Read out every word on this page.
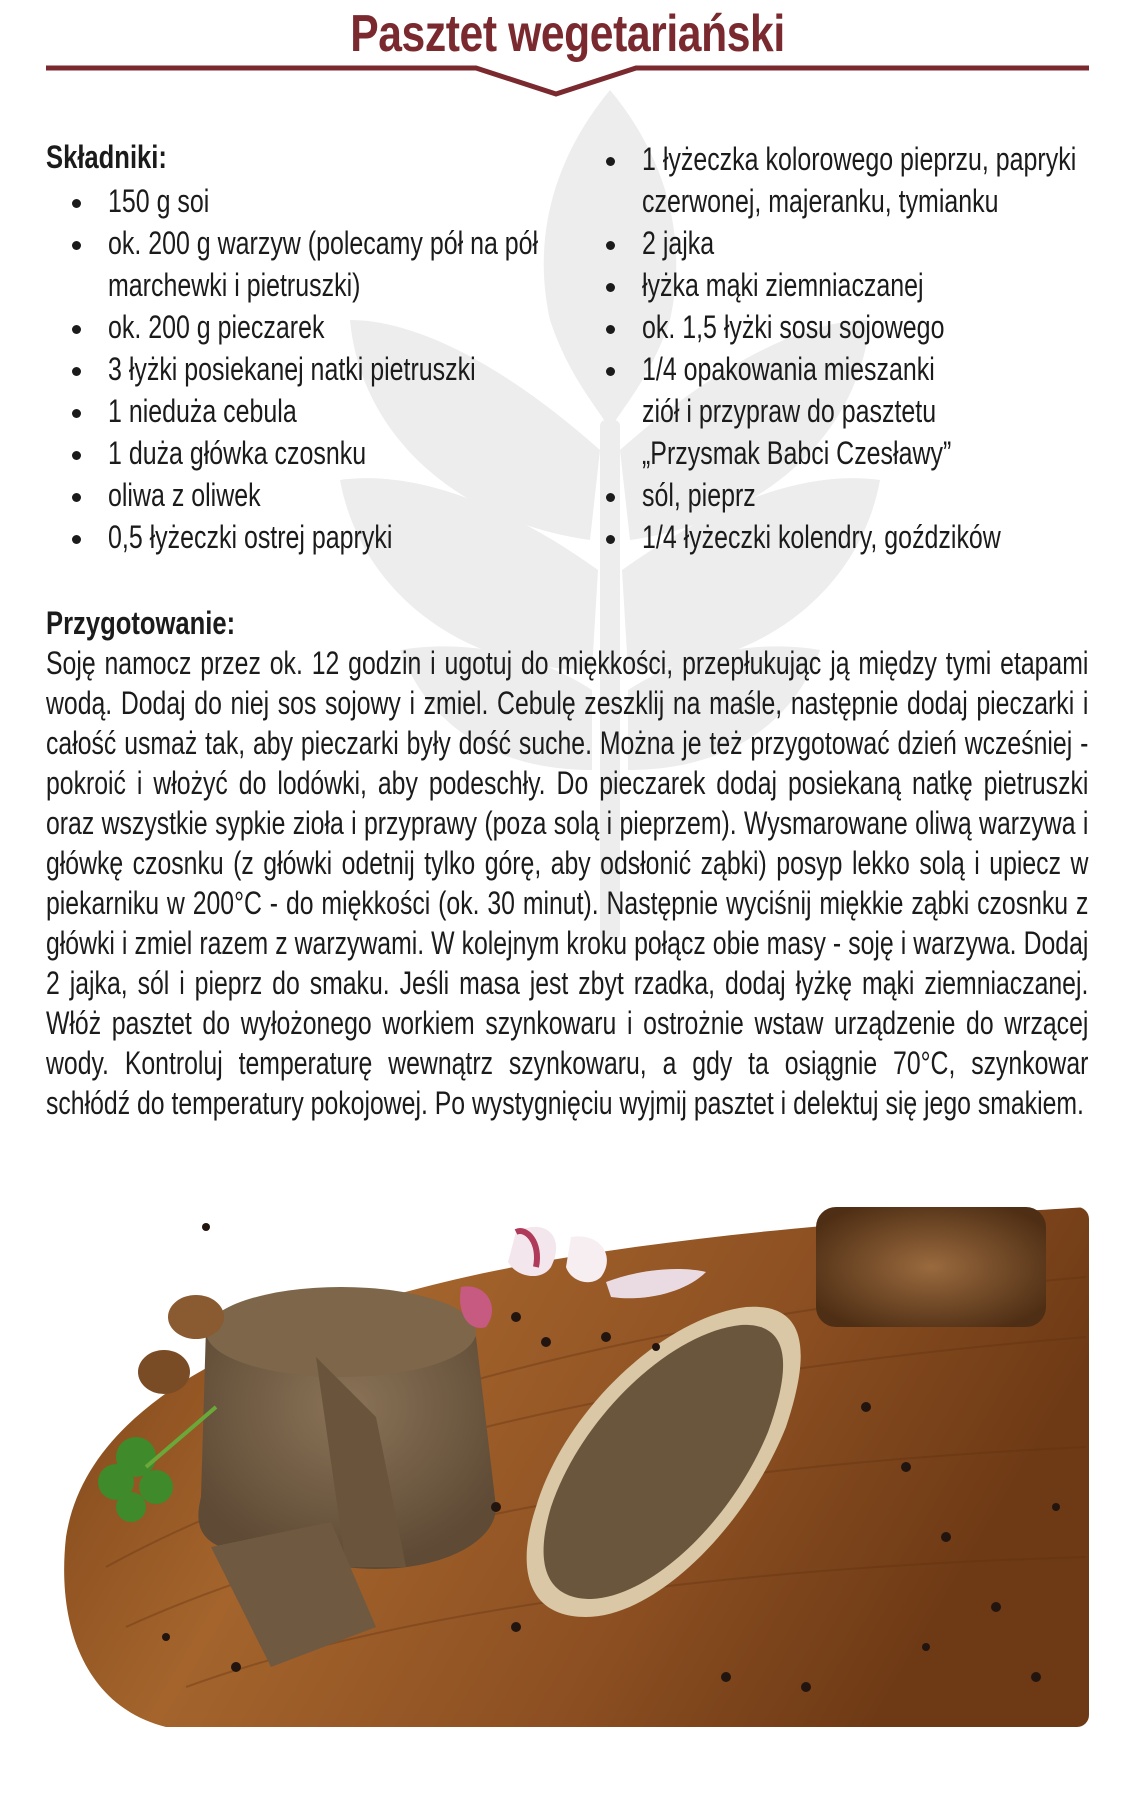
Pasztet wegetariański
Składniki:
150 g soi
ok. 200 g warzyw (polecamy pół na pół
marchewki i pietruszki)
ok. 200 g pieczarek
3 łyżki posiekanej natki pietruszki
1 nieduża cebula
1 duża główka czosnku
oliwa z oliwek
0,5 łyżeczki ostrej papryki
1 łyżeczka kolorowego pieprzu, papryki
czerwonej, majeranku, tymianku
2 jajka
łyżka mąki ziemniaczanej
ok. 1,5 łyżki sosu sojowego
1/4 opakowania mieszanki
ziół i przypraw do pasztetu
„Przysmak Babci Czesławy”
sól, pieprz
1/4 łyżeczki kolendry, goździków
Przygotowanie:

Soję namocz przez ok. 12 godzin i ugotuj do miękkości, przepłukując ją między tymi etapami wodą. Dodaj do niej sos sojowy i zmiel. Cebulę zeszklij na maśle, następnie dodaj pieczarki i całość usmaż tak, aby pieczarki były dość suche. Można je też przygotować dzień wcześniej - pokroić i włożyć do lodówki, aby podeschły. Do pieczarek dodaj posiekaną natkę pietruszki oraz wszystkie sypkie zioła i przyprawy (poza solą i pieprzem). Wysmarowane oliwą warzywa i główkę czosnku (z główki odetnij tylko górę, aby odsłonić ząbki) posyp lekko solą i upiecz w piekarniku w 200°C - do miękkości (ok. 30 minut). Następnie wyciśnij miękkie ząbki czosnku z główki i zmiel razem z warzywami. W kolejnym kroku połącz obie masy - soję i warzywa. Dodaj 2 jajka, sól i pieprz do smaku. Jeśli masa jest zbyt rzadka, dodaj łyżkę mąki ziemniaczanej. Włóż pasztet do wyłożonego workiem szynkowaru i ostrożnie wstaw urządzenie do wrzącej wody. Kontroluj temperaturę wewnątrz szynkowaru, a gdy ta osiągnie 70°C, szynkowar schłódź do temperatury pokojowej. Po wystygnięciu wyjmij pasztet i delektuj się jego smakiem.
